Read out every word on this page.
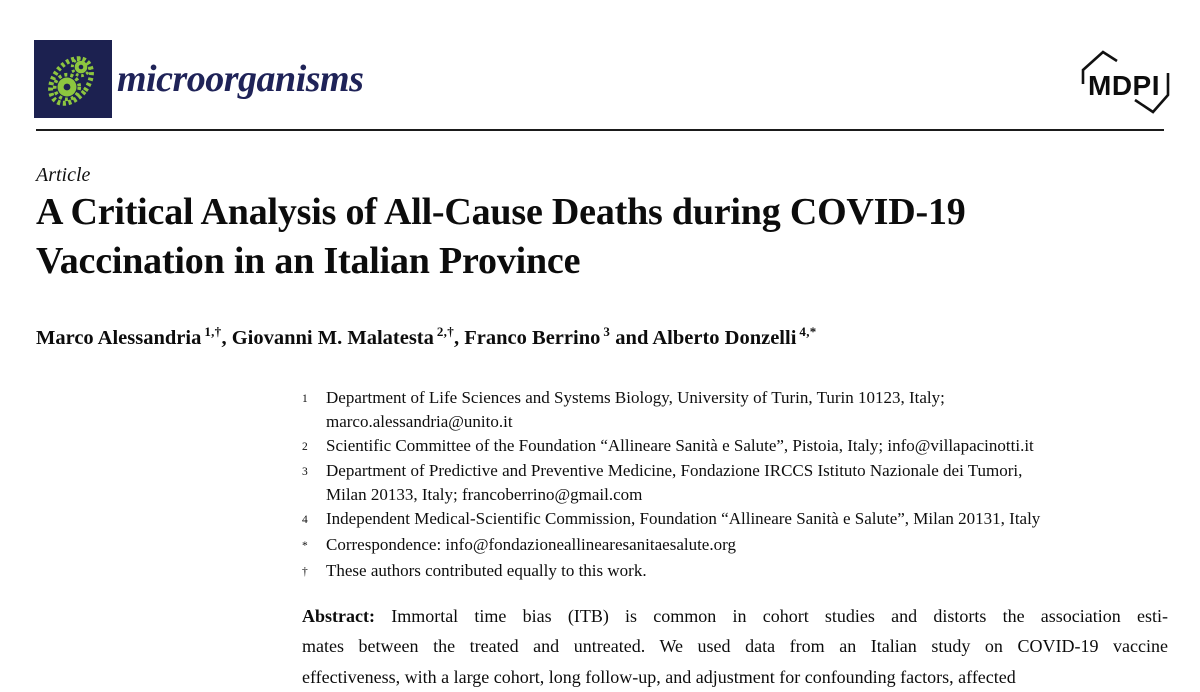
microorganisms	MDPI
Article
A Critical Analysis of All-Cause Deaths during COVID-19
Vaccination in an Italian Province
Marco Alessandria $^{1,\dagger}$, Giovanni M. Malatesta $^{2,\dagger}$, Franco Berrino $^3$ and Alberto Donzelli $^{4,*}$
1	Department of Life Sciences and Systems Biology, University of Turin, Turin 10123, Italy;
marco.alessandria@unito.it
2	Scientific Committee of the Foundation “Allineare Sanità e Salute”, Pistoia, Italy; info@villapacinotti.it
3	Department of Predictive and Preventive Medicine, Fondazione IRCCS Istituto Nazionale dei Tumori,
Milan 20133, Italy; francoberrino@gmail.com
4	Independent Medical-Scientific Commission, Foundation “Allineare Sanità e Salute”, Milan 20131, Italy
*	Correspondence: info@fondazioneallinearesanitaesalute.org
†	These authors contributed equally to this work.
Abstract: Immortal time bias (ITB) is common in cohort studies and distorts the association esti-
mates between the treated and untreated. We used data from an Italian study on COVID-19 vaccine
effectiveness, with a large cohort, long follow-up, and adjustment for confounding factors, affected
